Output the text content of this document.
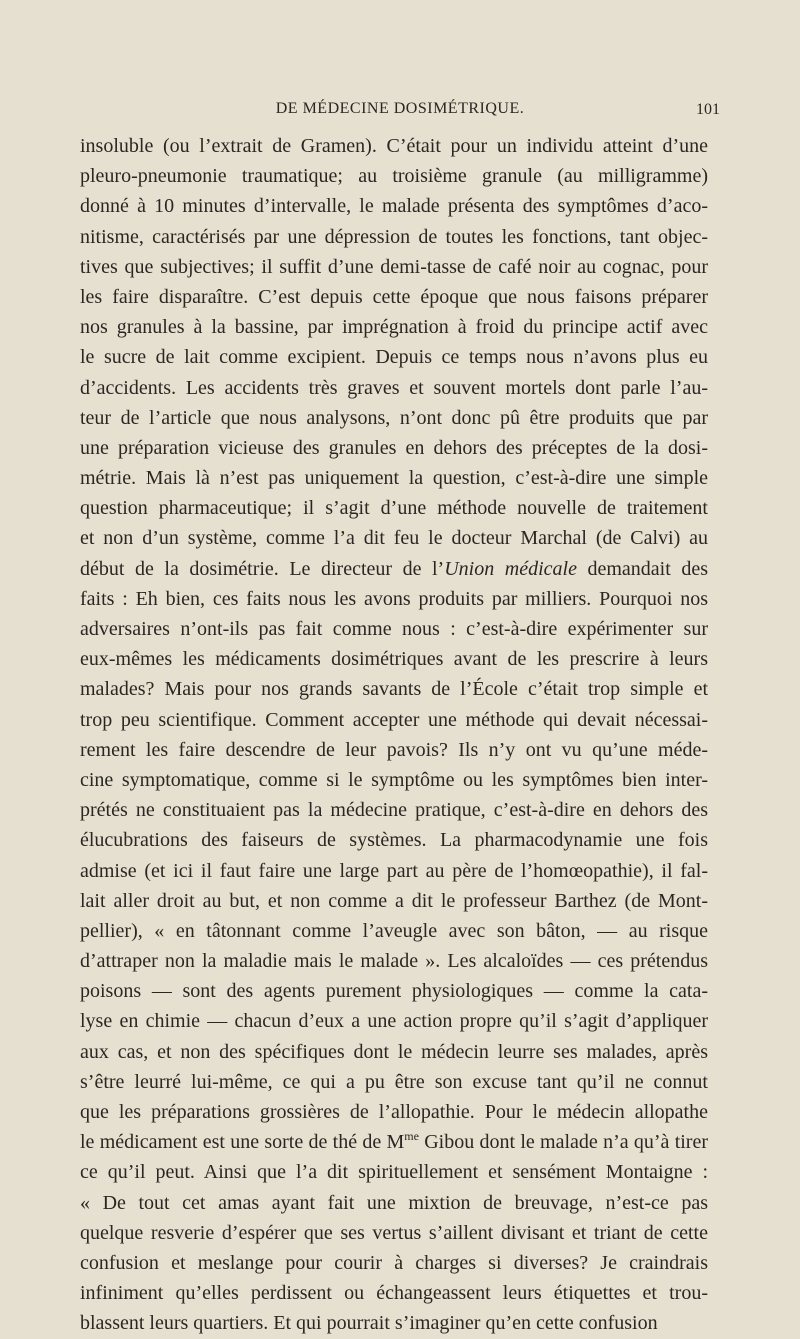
DE MÉDECINE DOSIMÉTRIQUE.	101
insoluble (ou l’extrait de Gramen). C’était pour un individu atteint d’une
pleuro-pneumonie traumatique; au troisième granule (au milligramme)
donné à 10 minutes d’intervalle, le malade présenta des symptômes d’aco-
nitisme, caractérisés par une dépression de toutes les fonctions, tant objec-
tives que subjectives; il suffit d’une demi-tasse de café noir au cognac, pour
les faire disparaître. C’est depuis cette époque que nous faisons préparer
nos granules à la bassine, par imprégnation à froid du principe actif avec
le sucre de lait comme excipient. Depuis ce temps nous n’avons plus eu
d’accidents. Les accidents très graves et souvent mortels dont parle l’au-
teur de l’article que nous analysons, n’ont donc pû être produits que par
une préparation vicieuse des granules en dehors des préceptes de la dosi-
métrie. Mais là n’est pas uniquement la question, c’est-à-dire une simple
question pharmaceutique; il s’agit d’une méthode nouvelle de traitement
et non d’un système, comme l’a dit feu le docteur Marchal (de Calvi) au
début de la dosimétrie. Le directeur de l’Union médicale demandait des
faits : Eh bien, ces faits nous les avons produits par milliers. Pourquoi nos
adversaires n’ont-ils pas fait comme nous : c’est-à-dire expérimenter sur
eux-mêmes les médicaments dosimétriques avant de les prescrire à leurs
malades? Mais pour nos grands savants de l’École c’était trop simple et
trop peu scientifique. Comment accepter une méthode qui devait nécessai-
rement les faire descendre de leur pavois? Ils n’y ont vu qu’une méde-
cine symptomatique, comme si le symptôme ou les symptômes bien inter-
prétés ne constituaient pas la médecine pratique, c’est-à-dire en dehors des
élucubrations des faiseurs de systèmes. La pharmacodynamie une fois
admise (et ici il faut faire une large part au père de l’homœopathie), il fal-
lait aller droit au but, et non comme a dit le professeur Barthez (de Mont-
pellier), « en tâtonnant comme l’aveugle avec son bâton, — au risque
d’attraper non la maladie mais le malade ». Les alcaloïdes — ces prétendus
poisons — sont des agents purement physiologiques — comme la cata-
lyse en chimie — chacun d’eux a une action propre qu’il s’agit d’appliquer
aux cas, et non des spécifiques dont le médecin leurre ses malades, après
s’être leurré lui-même, ce qui a pu être son excuse tant qu’il ne connut
que les préparations grossières de l’allopathie. Pour le médecin allopathe
le médicament est une sorte de thé de $M^{me}$ Gibou dont le malade n’a qu’à tirer
ce qu’il peut. Ainsi que l’a dit spirituellement et sensément Montaigne :
« De tout cet amas ayant fait une mixtion de breuvage, n’est-ce pas
quelque resverie d’espérer que ses vertus s’aillent divisant et triant de cette
confusion et meslange pour courir à charges si diverses? Je craindrais
infiniment qu’elles perdissent ou échangeassent leurs étiquettes et trou-
blassent leurs quartiers. Et qui pourrait s’imaginer qu’en cette confusion
